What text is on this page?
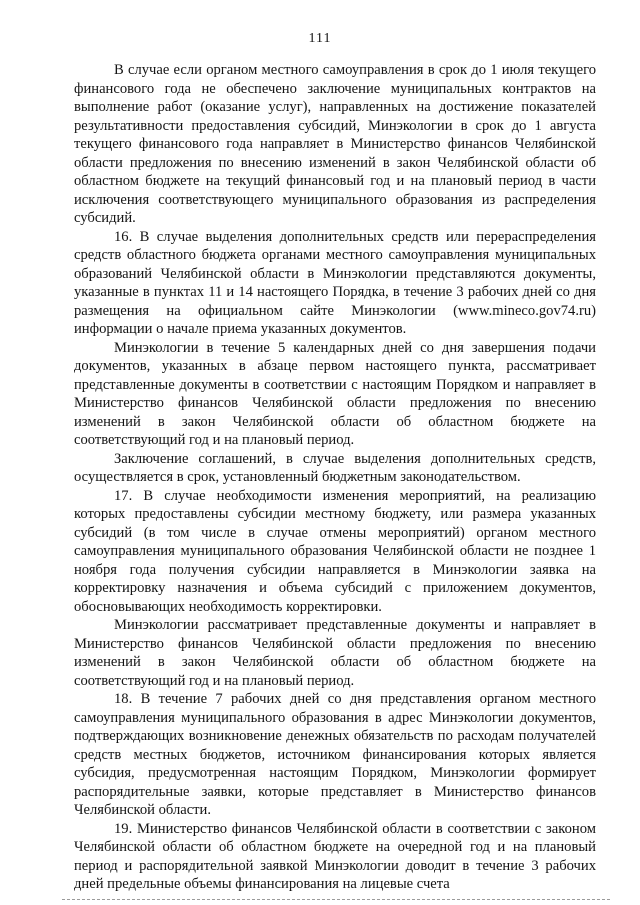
111

В случае если органом местного самоуправления в срок до 1 июля текущего финансового года не обеспечено заключение муниципальных контрактов на выполнение работ (оказание услуг), направленных на достижение показателей результативности предоставления субсидий, Минэкологии в срок до 1 августа текущего финансового года направляет в Министерство финансов Челябинской области предложения по внесению изменений в закон Челябинской области об областном бюджете на текущий финансовый год и на плановый период в части исключения соответствующего муниципального образования из распределения субсидий.

16. В случае выделения дополнительных средств или перераспределения средств областного бюджета органами местного самоуправления муниципальных образований Челябинской области в Минэкологии представляются документы, указанные в пунктах 11 и 14 настоящего Порядка, в течение 3 рабочих дней со дня размещения на официальном сайте Минэкологии (www.mineco.gov74.ru) информации о начале приема указанных документов.

Минэкологии в течение 5 календарных дней со дня завершения подачи документов, указанных в абзаце первом настоящего пункта, рассматривает представленные документы в соответствии с настоящим Порядком и направляет в Министерство финансов Челябинской области предложения по внесению изменений в закон Челябинской области об областном бюджете на соответствующий год и на плановый период.

Заключение соглашений, в случае выделения дополнительных средств, осуществляется в срок, установленный бюджетным законодательством.

17. В случае необходимости изменения мероприятий, на реализацию которых предоставлены субсидии местному бюджету, или размера указанных субсидий (в том числе в случае отмены мероприятий) органом местного самоуправления муниципального образования Челябинской области не позднее 1 ноября года получения субсидии направляется в Минэкологии заявка на корректировку назначения и объема субсидий с приложением документов, обосновывающих необходимость корректировки.

Минэкологии рассматривает представленные документы и направляет в Министерство финансов Челябинской области предложения по внесению изменений в закон Челябинской области об областном бюджете на соответствующий год и на плановый период.

18. В течение 7 рабочих дней со дня представления органом местного самоуправления муниципального образования в адрес Минэкологии документов, подтверждающих возникновение денежных обязательств по расходам получателей средств местных бюджетов, источником финансирования которых является субсидия, предусмотренная настоящим Порядком, Минэкологии формирует распорядительные заявки, которые представляет в Министерство финансов Челябинской области.

19. Министерство финансов Челябинской области в соответствии с законом Челябинской области об областном бюджете на очередной год и на плановый период и распорядительной заявкой Минэкологии доводит в течение 3 рабочих дней предельные объемы финансирования на лицевые счета
